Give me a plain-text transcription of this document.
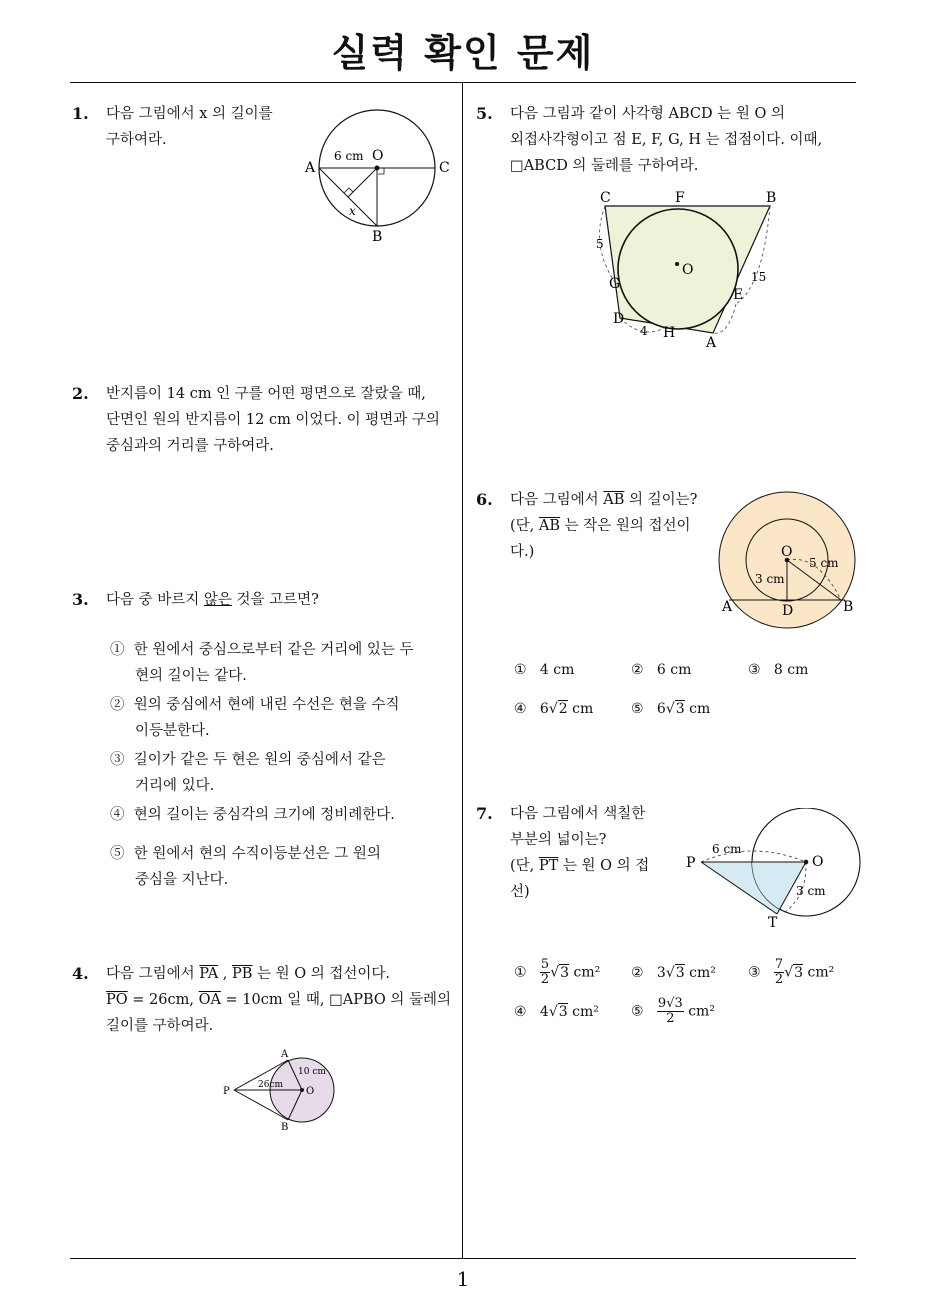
실력 확인 문제
1
1. 다음 그림에서 x 의 길이를
구하여라.
A	C
O
B
6 cm
x
2. 반지름이 14 cm 인 구를 어떤 평면으로 잘랐을 때,
단면인 원의 반지름이 12 cm 이었다. 이 평면과 구의
중심과의 거리를 구하여라.
3. 다음 중 바르지 않은 것을 고르면?
① 한 원에서 중심으로부터 같은 거리에 있는 두
현의 길이는 같다.
② 원의 중심에서 현에 내린 수선은 현을 수직
이등분한다.
③ 길이가 같은 두 현은 원의 중심에서 같은
거리에 있다.
④ 현의 길이는 중심각의 크기에 정비례한다.
⑤ 한 원에서 현의 수직이등분선은 그 원의
중심을 지난다.
4. 다음 그림에서 $\overline{PA}$ , $\overline{PB}$ 는 원 O 의 접선이다.
$\overline{PO} = 26cm$, $\overline{OA} = 10cm$ 일 때, □APBO 의 둘레의
길이를 구하여라.
A
B
P	O
10 cm
26cm
5. 다음 그림과 같이 사각형 ABCD 는 원 O 의
외접사각형이고 점 E, F, G, H 는 접점이다. 이때,
□ABCD 의 둘레를 구하여라.
C	F	B
O
G
E
D
H
A
5
15
4
6. 다음 그림에서 $\overline{AB}$ 의 길이는?
(단, $\overline{AB}$ 는 작은 원의 접선이
다.)	O
A	B
D
5 cm
3 cm
① 4 cm	② 6 cm	③ 8 cm
④ 6√2 cm	⑤ 6√3 cm
7. 다음 그림에서 색칠한
부분의 넓이는?
(단, $\overline{PT}$ 는 원 O 의 접
선)
P	O
T
6 cm
3 cm
① $\frac{5}{2} √3$ cm² ② 3√3 cm² ③ $\frac{7}{2} √3$ cm²
④ 4√3 cm² ⑤ $\frac{9√3}{2} cm^2$
